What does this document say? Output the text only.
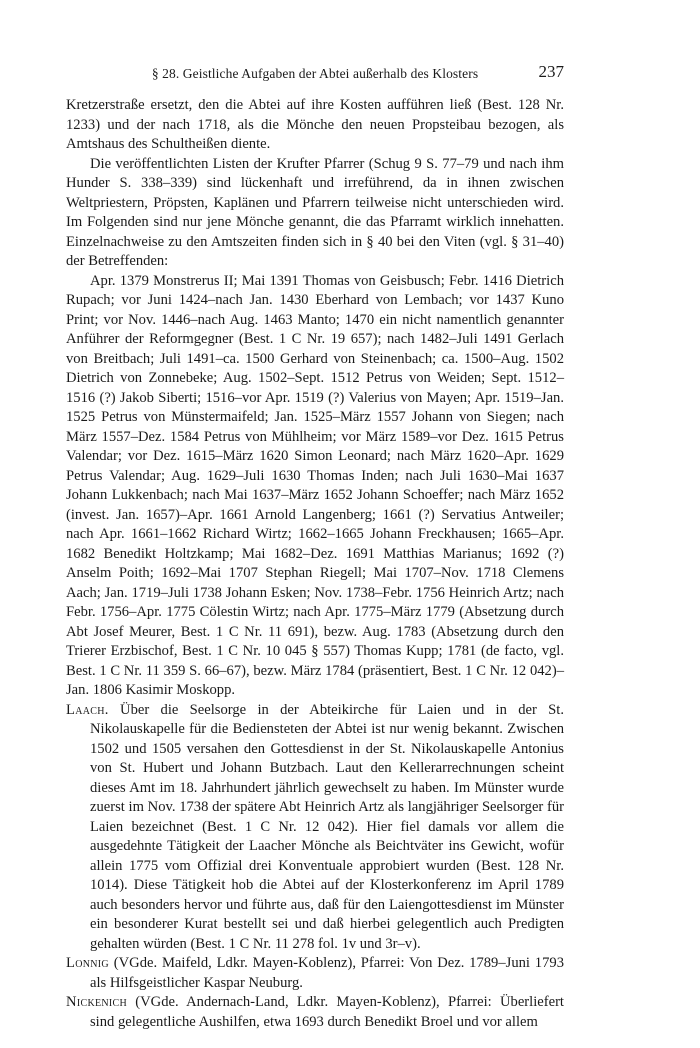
§ 28. Geistliche Aufgaben der Abtei außerhalb des Klosters	237

Kretzerstraße ersetzt, den die Abtei auf ihre Kosten aufführen ließ (Best. 128 Nr. 1233) und der nach 1718, als die Mönche den neuen Propsteibau bezogen, als Amtshaus des Schultheißen diente.

Die veröffentlichten Listen der Krufter Pfarrer (Schug 9 S. 77–79 und nach ihm Hunder S. 338–339) sind lückenhaft und irreführend, da in ihnen zwischen Weltpriestern, Pröpsten, Kaplänen und Pfarrern teilweise nicht unterschieden wird. Im Folgenden sind nur jene Mönche genannt, die das Pfarramt wirklich innehatten. Einzelnachweise zu den Amtszeiten finden sich in § 40 bei den Viten (vgl. § 31–40) der Betreffenden:

Apr. 1379 Monstrerus II; Mai 1391 Thomas von Geisbusch; Febr. 1416 Dietrich Rupach; vor Juni 1424–nach Jan. 1430 Eberhard von Lembach; vor 1437 Kuno Print; vor Nov. 1446–nach Aug. 1463 Manto; 1470 ein nicht namentlich genannter Anführer der Reformgegner (Best. 1 C Nr. 19 657); nach 1482–Juli 1491 Gerlach von Breitbach; Juli 1491–ca. 1500 Gerhard von Steinenbach; ca. 1500–Aug. 1502 Dietrich von Zonnebeke; Aug. 1502–Sept. 1512 Petrus von Weiden; Sept. 1512–1516 (?) Jakob Siberti; 1516–vor Apr. 1519 (?) Valerius von Mayen; Apr. 1519–Jan. 1525 Petrus von Münstermaifeld; Jan. 1525–März 1557 Johann von Siegen; nach März 1557–Dez. 1584 Petrus von Mühlheim; vor März 1589–vor Dez. 1615 Petrus Valendar; vor Dez. 1615–März 1620 Simon Leonard; nach März 1620–Apr. 1629 Petrus Valendar; Aug. 1629–Juli 1630 Thomas Inden; nach Juli 1630–Mai 1637 Johann Lukkenbach; nach Mai 1637–März 1652 Johann Schoeffer; nach März 1652 (invest. Jan. 1657)–Apr. 1661 Arnold Langenberg; 1661 (?) Servatius Antweiler; nach Apr. 1661–1662 Richard Wirtz; 1662–1665 Johann Freckhausen; 1665–Apr. 1682 Benedikt Holtzkamp; Mai 1682–Dez. 1691 Matthias Marianus; 1692 (?) Anselm Poith; 1692–Mai 1707 Stephan Riegell; Mai 1707–Nov. 1718 Clemens Aach; Jan. 1719–Juli 1738 Johann Esken; Nov. 1738–Febr. 1756 Heinrich Artz; nach Febr. 1756–Apr. 1775 Cölestin Wirtz; nach Apr. 1775–März 1779 (Absetzung durch Abt Josef Meurer, Best. 1 C Nr. 11 691), bezw. Aug. 1783 (Absetzung durch den Trierer Erzbischof, Best. 1 C Nr. 10 045 § 557) Thomas Kupp; 1781 (de facto, vgl. Best. 1 C Nr. 11 359 S. 66–67), bezw. März 1784 (präsentiert, Best. 1 C Nr. 12 042)–Jan. 1806 Kasimir Moskopp.

Laach. Über die Seelsorge in der Abteikirche für Laien und in der St. Nikolauskapelle für die Bediensteten der Abtei ist nur wenig bekannt. Zwischen 1502 und 1505 versahen den Gottesdienst in der St. Nikolauskapelle Antonius von St. Hubert und Johann Butzbach. Laut den Kellerarrechnungen scheint dieses Amt im 18. Jahrhundert jährlich gewechselt zu haben. Im Münster wurde zuerst im Nov. 1738 der spätere Abt Heinrich Artz als langjähriger Seelsorger für Laien bezeichnet (Best. 1 C Nr. 12 042). Hier fiel damals vor allem die ausgedehnte Tätigkeit der Laacher Mönche als Beichtväter ins Gewicht, wofür allein 1775 vom Offizial drei Konventuale approbiert wurden (Best. 128 Nr. 1014). Diese Tätigkeit hob die Abtei auf der Klosterkonferenz im April 1789 auch besonders hervor und führte aus, daß für den Laiengottesdienst im Münster ein besonderer Kurat bestellt sei und daß hierbei gelegentlich auch Predigten gehalten würden (Best. 1 C Nr. 11 278 fol. 1v und 3r–v).

Lonnig (VGde. Maifeld, Ldkr. Mayen-Koblenz), Pfarrei: Von Dez. 1789–Juni 1793 als Hilfsgeistlicher Kaspar Neuburg.

Nickenich (VGde. Andernach-Land, Ldkr. Mayen-Koblenz), Pfarrei: Überliefert sind gelegentliche Aushilfen, etwa 1693 durch Benedikt Broel und vor allem
